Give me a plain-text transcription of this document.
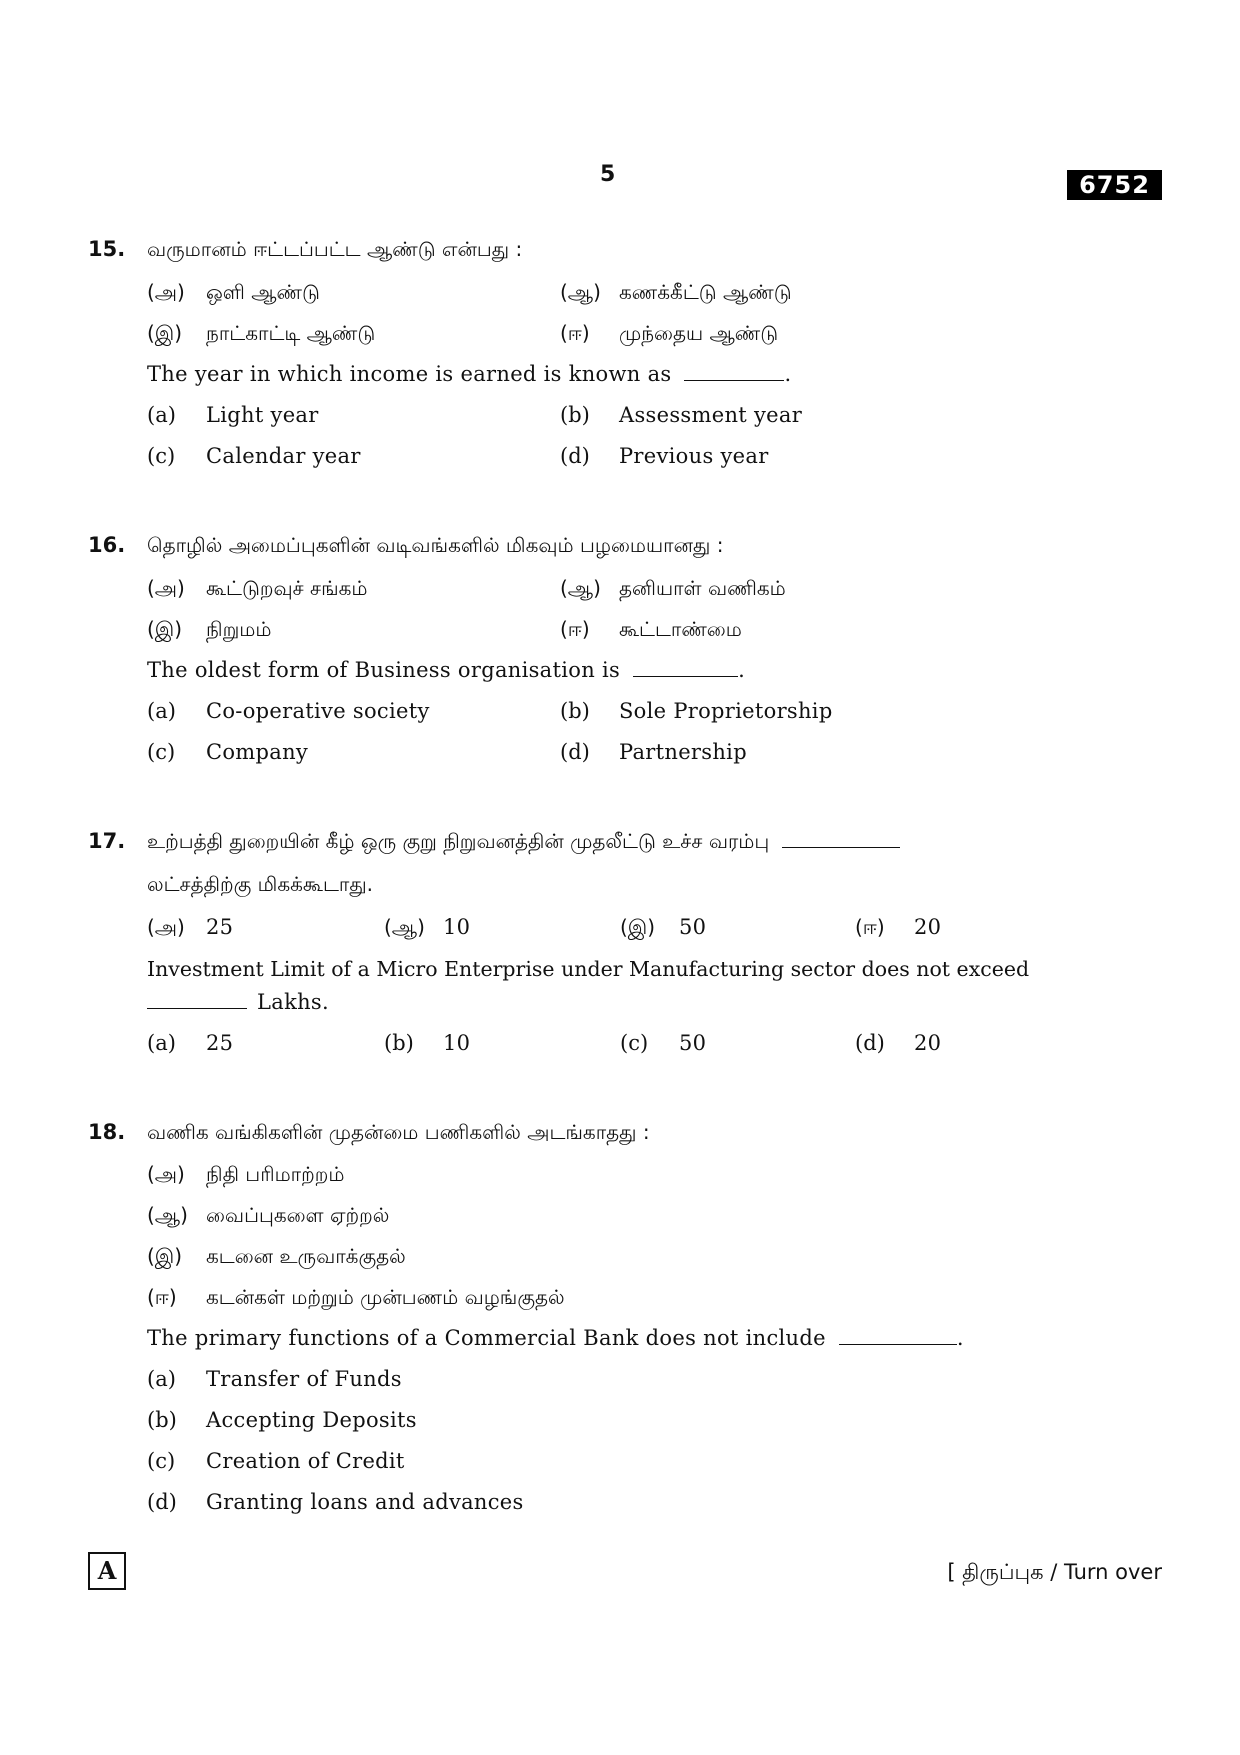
5	6752
15. வருமானம் ஈட்டப்பட்ட ஆண்டு என்பது :
(அ) ஒளி ஆண்டு	(ஆ) கணக்கீட்டு ஆண்டு
(இ) நாட்காட்டி ஆண்டு	(ஈ) முந்தைய ஆண்டு
The year in which income is earned is known as	.
(a) Light year	(b) Assessment year
(c) Calendar year	(d) Previous year
16. தொழில் அமைப்புகளின் வடிவங்களில் மிகவும் பழமையானது :
(அ) கூட்டுறவுச் சங்கம்	(ஆ) தனியாள் வணிகம்
(இ) நிறுமம்	(ஈ) கூட்டாண்மை
The oldest form of Business organisation is	.
(a) Co-operative society	(b) Sole Proprietorship
(c) Company	(d) Partnership
17. உற்பத்தி துறையின் கீழ் ஒரு குறு நிறுவனத்தின் முதலீட்டு உச்ச வரம்பு
லட்சத்திற்கு மிகக்கூடாது.
(அ) 25	(ஆ) 10	(இ) 50	(ஈ) 20
Investment Limit of a Micro Enterprise under Manufacturing sector does not exceed
Lakhs.
(a) 25	(b) 10	(c) 50	(d) 20
18. வணிக வங்கிகளின் முதன்மை பணிகளில் அடங்காதது :
(அ) நிதி பரிமாற்றம்
(ஆ) வைப்புகளை ஏற்றல்
(இ) கடனை உருவாக்குதல்
(ஈ) கடன்கள் மற்றும் முன்பணம் வழங்குதல்
The primary functions of a Commercial Bank does not include	.
(a) Transfer of Funds
(b) Accepting Deposits
(c) Creation of Credit
(d) Granting loans and advances
A	[ திருப்புக / Turn over
